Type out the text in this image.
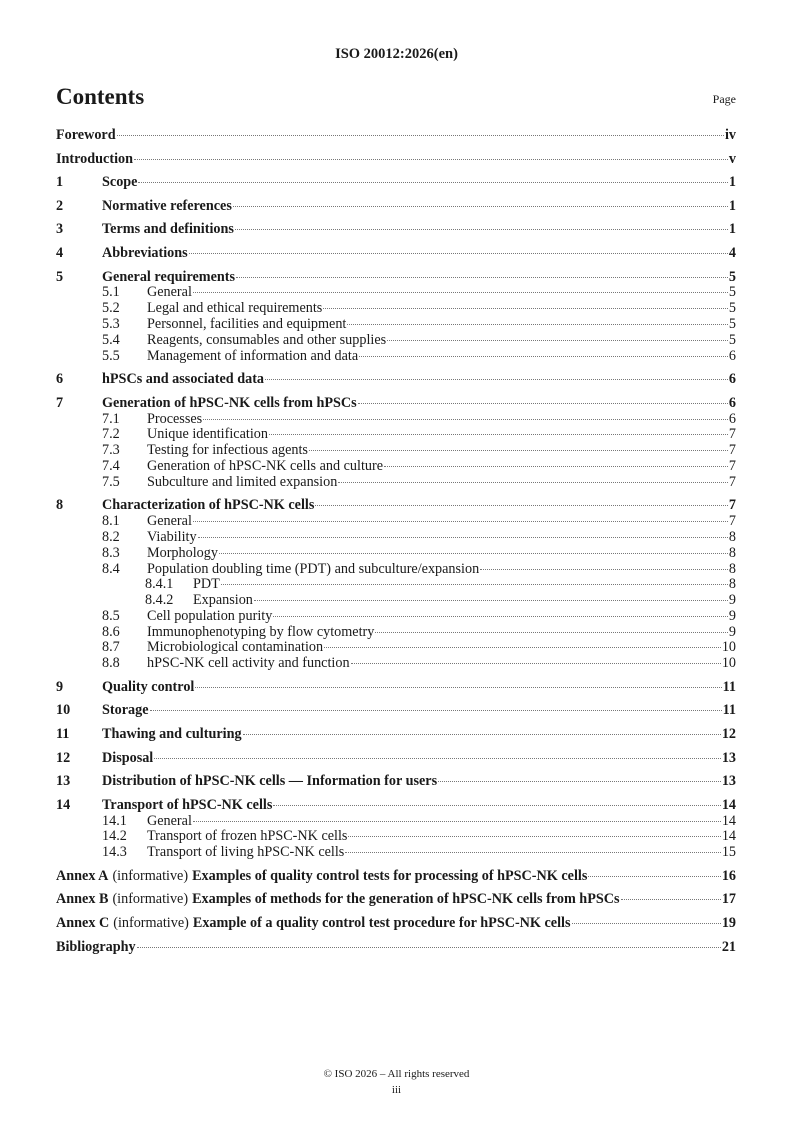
ISO 20012:2026(en)
Contents	Page
Foreword	iv
Introduction	v
1	Scope	1
2	Normative references	1
3	Terms and definitions	1
4	Abbreviations	4
5	General requirements	5
5.1	General	5
5.2	Legal and ethical requirements	5
5.3	Personnel, facilities and equipment	5
5.4	Reagents, consumables and other supplies	5
5.5	Management of information and data	6
6	hPSCs and associated data	6
7	Generation of hPSC-NK cells from hPSCs	6
7.1	Processes	6
7.2	Unique identification	7
7.3	Testing for infectious agents	7
7.4	Generation of hPSC-NK cells and culture	7
7.5	Subculture and limited expansion	7
8	Characterization of hPSC-NK cells	7
8.1	General	7
8.2	Viability	8
8.3	Morphology	8
8.4	Population doubling time (PDT) and subculture/expansion	8
8.4.1	PDT	8
8.4.2	Expansion	9
8.5	Cell population purity	9
8.6	Immunophenotyping by flow cytometry	9
8.7	Microbiological contamination	10
8.8	hPSC-NK cell activity and function	10
9	Quality control	11
10	Storage	11
11	Thawing and culturing	12
12	Disposal	13
13	Distribution of hPSC-NK cells — Information for users	13
14	Transport of hPSC-NK cells	14
14.1	General	14
14.2	Transport of frozen hPSC-NK cells	14
14.3	Transport of living hPSC-NK cells	15
Annex A (informative) Examples of quality control tests for processing of hPSC-NK cells	16
Annex B (informative) Examples of methods for the generation of hPSC-NK cells from hPSCs	17
Annex C (informative) Example of a quality control test procedure for hPSC-NK cells	19
Bibliography	21
© ISO 2026 – All rights reserved
iii
